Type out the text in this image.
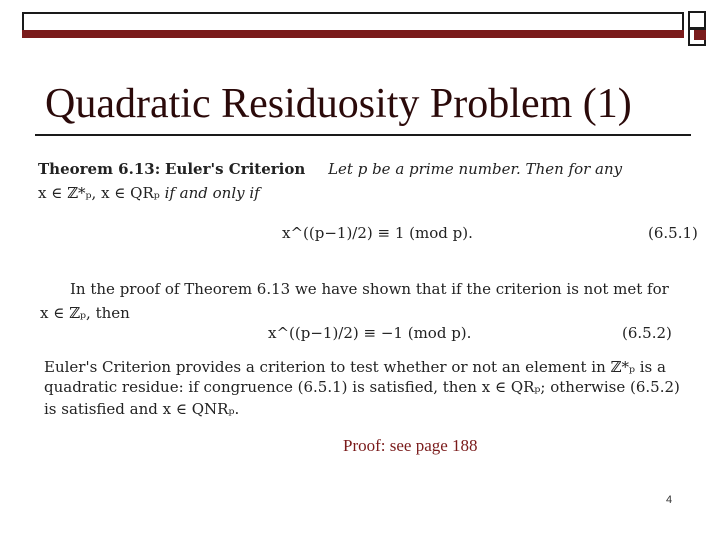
Quadratic Residuosity Problem (1)
Theorem 6.13: Euler's Criterion Let p be a prime number. Then for any
x ∈ ℤ*ₚ, x ∈ QRₚ if and only if
x^((p−1)/2) ≡ 1 (mod p).	(6.5.1)
In the proof of Theorem 6.13 we have shown that if the criterion is not met for
x ∈ ℤₚ, then
x^((p−1)/2) ≡ −1 (mod p).	(6.5.2)
Euler's Criterion provides a criterion to test whether or not an element in ℤ*ₚ is a
quadratic residue: if congruence (6.5.1) is satisfied, then x ∈ QRₚ; otherwise (6.5.2)
is satisfied and x ∈ QNRₚ.

Proof: see page 188

4
